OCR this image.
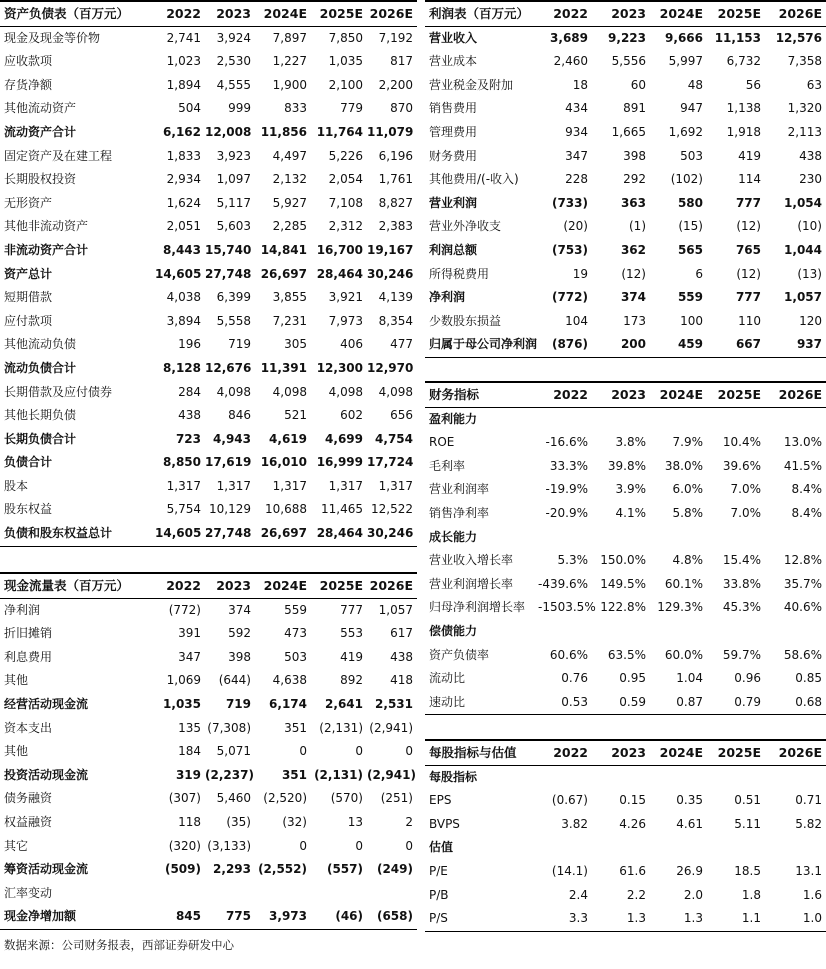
资产负债表（百万元）	2022	2023	2024E	2025E	2026E
现金及现金等价物	2,741	3,924	7,897	7,850	7,192
应收款项	1,023	2,530	1,227	1,035	817
存货净额	1,894	4,555	1,900	2,100	2,200
其他流动资产	504	999	833	779	870
流动资产合计	6,162	12,008	11,856	11,764	11,079
固定资产及在建工程	1,833	3,923	4,497	5,226	6,196
长期股权投资	2,934	1,097	2,132	2,054	1,761
无形资产	1,624	5,117	5,927	7,108	8,827
其他非流动资产	2,051	5,603	2,285	2,312	2,383
非流动资产合计	8,443	15,740	14,841	16,700	19,167
资产总计	14,605	27,748	26,697	28,464	30,246
短期借款	4,038	6,399	3,855	3,921	4,139
应付款项	3,894	5,558	7,231	7,973	8,354
其他流动负债	196	719	305	406	477
流动负债合计	8,128	12,676	11,391	12,300	12,970
长期借款及应付债券	284	4,098	4,098	4,098	4,098
其他长期负债	438	846	521	602	656
长期负债合计	723	4,943	4,619	4,699	4,754
负债合计	8,850	17,619	16,010	16,999	17,724
股本	1,317	1,317	1,317	1,317	1,317
股东权益	5,754	10,129	10,688	11,465	12,522
负债和股东权益总计	14,605	27,748	26,697	28,464	30,246
利润表（百万元）	2022	2023	2024E	2025E	2026E
营业收入	3,689	9,223	9,666	11,153	12,576
营业成本	2,460	5,556	5,997	6,732	7,358
营业税金及附加	18	60	48	56	63
销售费用	434	891	947	1,138	1,320
管理费用	934	1,665	1,692	1,918	2,113
财务费用	347	398	503	419	438
其他费用/(-收入)	228	292	(102)	114	230
营业利润	(733)	363	580	777	1,054
营业外净收支	(20)	(1)	(15)	(12)	(10)
利润总额	(753)	362	565	765	1,044
所得税费用	19	(12)	6	(12)	(13)
净利润	(772)	374	559	777	1,057
少数股东损益	104	173	100	110	120
归属于母公司净利润	(876)	200	459	667	937
财务指标	2022	2023	2024E	2025E	2026E
盈利能力					
ROE	-16.6%	3.8%	7.9%	10.4%	13.0%
毛利率	33.3%	39.8%	38.0%	39.6%	41.5%
营业利润率	-19.9%	3.9%	6.0%	7.0%	8.4%
销售净利率	-20.9%	4.1%	5.8%	7.0%	8.4%
成长能力					
营业收入增长率	5.3%	150.0%	4.8%	15.4%	12.8%
营业利润增长率	-439.6%	149.5%	60.1%	33.8%	35.7%
归母净利润增长率	-1503.5%	122.8%	129.3%	45.3%	40.6%
偿债能力					
资产负债率	60.6%	63.5%	60.0%	59.7%	58.6%
流动比	0.76	0.95	1.04	0.96	0.85
速动比	0.53	0.59	0.87	0.79	0.68
现金流量表（百万元）	2022	2023	2024E	2025E	2026E
净利润	(772)	374	559	777	1,057
折旧摊销	391	592	473	553	617
利息费用	347	398	503	419	438
其他	1,069	(644)	4,638	892	418
经营活动现金流	1,035	719	6,174	2,641	2,531
资本支出	135	(7,308)	351	(2,131)	(2,941)
其他	184	5,071	0	0	0
投资活动现金流	319	(2,237)	351	(2,131)	(2,941)
债务融资	(307)	5,460	(2,520)	(570)	(251)
权益融资	118	(35)	(32)	13	2
其它	(320)	(3,133)	0	0	0
筹资活动现金流	(509)	2,293	(2,552)	(557)	(249)
汇率变动					
现金净增加额	845	775	3,973	(46)	(658)
每股指标与估值	2022	2023	2024E	2025E	2026E
每股指标					
EPS	(0.67)	0.15	0.35	0.51	0.71
BVPS	3.82	4.26	4.61	5.11	5.82
估值					
P/E	(14.1)	61.6	26.9	18.5	13.1
P/B	2.4	2.2	2.0	1.8	1.6
P/S	3.3	1.3	1.3	1.1	1.0
数据来源：公司财务报表，西部证券研发中心
